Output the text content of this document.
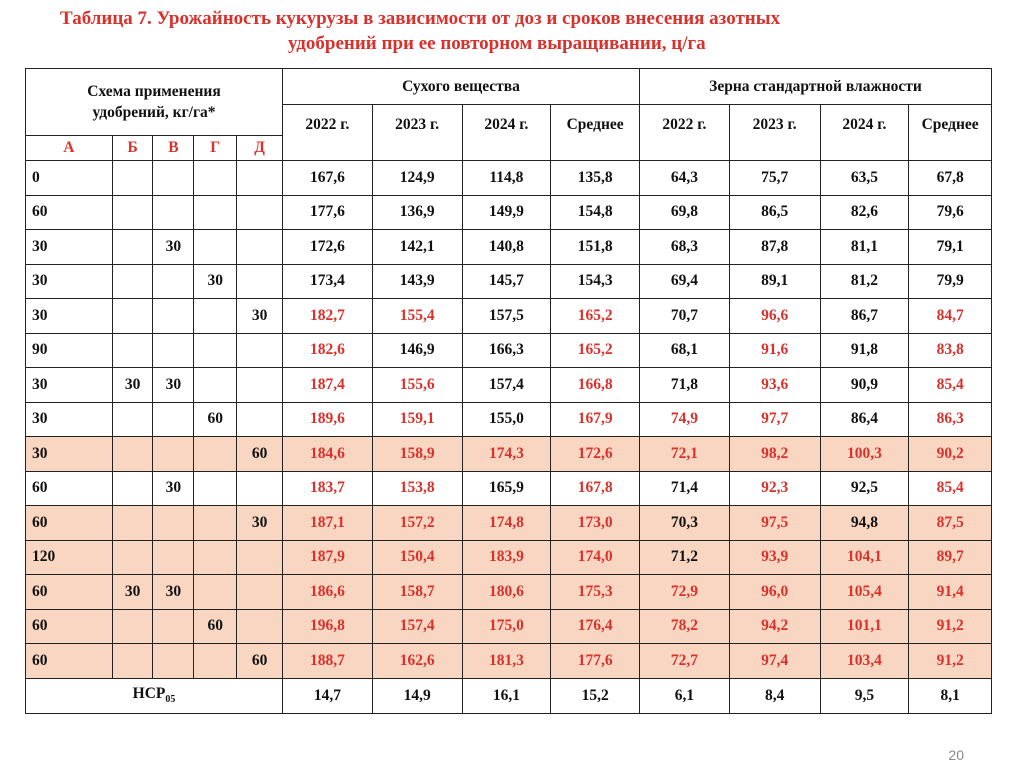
Таблица 7. Урожайность кукурузы в зависимости от доз и сроков внесения азотных
удобрений при ее повторном выращивании, ц/га
Схема применения удобрений, кг/га*					Сухого вещества				Зерна стандартной влажности			
					2022 г.	2023 г.	2024 г.	Среднее	2022 г.	2023 г.	2024 г.	Среднее
А	Б	В	Г	Д								
0					167,6	124,9	114,8	135,8	64,3	75,7	63,5	67,8
60					177,6	136,9	149,9	154,8	69,8	86,5	82,6	79,6
30		30			172,6	142,1	140,8	151,8	68,3	87,8	81,1	79,1
30			30		173,4	143,9	145,7	154,3	69,4	89,1	81,2	79,9
30				30	182,7	155,4	157,5	165,2	70,7	96,6	86,7	84,7
90					182,6	146,9	166,3	165,2	68,1	91,6	91,8	83,8
30	30	30			187,4	155,6	157,4	166,8	71,8	93,6	90,9	85,4
30			60		189,6	159,1	155,0	167,9	74,9	97,7	86,4	86,3
30				60	184,6	158,9	174,3	172,6	72,1	98,2	100,3	90,2
60		30			183,7	153,8	165,9	167,8	71,4	92,3	92,5	85,4
60				30	187,1	157,2	174,8	173,0	70,3	97,5	94,8	87,5
120					187,9	150,4	183,9	174,0	71,2	93,9	104,1	89,7
60	30	30			186,6	158,7	180,6	175,3	72,9	96,0	105,4	91,4
60			60		196,8	157,4	175,0	176,4	78,2	94,2	101,1	91,2
60				60	188,7	162,6	181,3	177,6	72,7	97,4	103,4	91,2
$НСР_{05}$					14,7	14,9	16,1	15,2	6,1	8,4	9,5	8,1
20
